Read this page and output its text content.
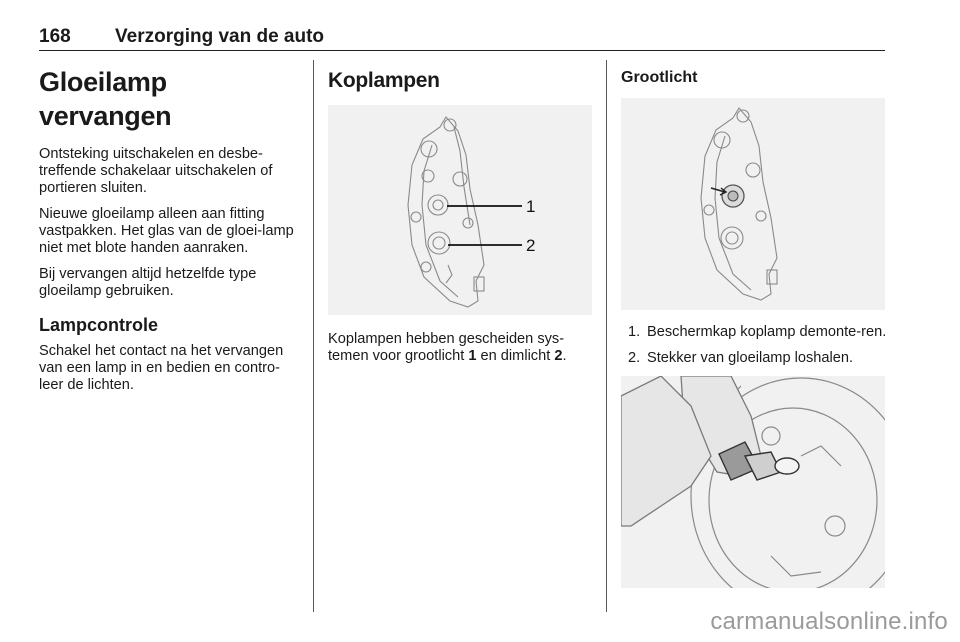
168 Verzorging van de auto
Gloeilamp vervangen

Ontsteking uitschakelen en desbe-treffende schakelaar uitschakelen of portieren sluiten.

Nieuwe gloeilamp alleen aan fitting vastpakken. Het glas van de gloei-lamp niet met blote handen aanraken.

Bij vervangen altijd hetzelfde type gloeilamp gebruiken.

Lampcontrole

Schakel het contact na het vervangen van een lamp in en bedien en contro-leer de lichten.

Koplampen
1
2

Koplampen hebben gescheiden sys-temen voor grootlicht 1 en dimlicht 2.

Grootlicht
1. Beschermkap koplamp demonte-ren.
2. Stekker van gloeilamp loshalen.
carmanualsonline.info
